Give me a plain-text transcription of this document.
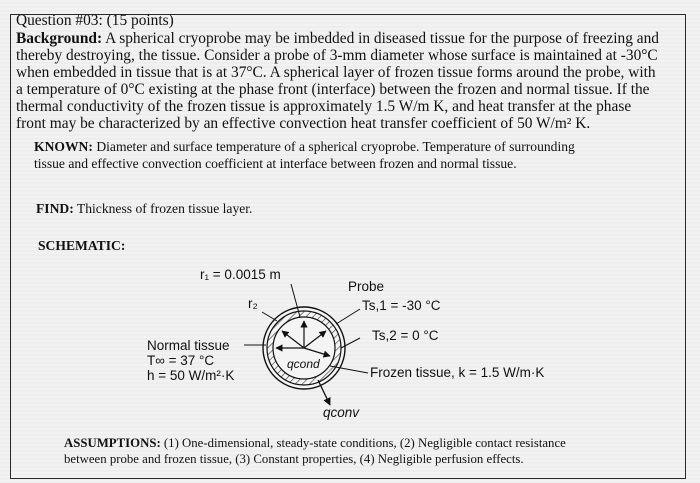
Question #03: (15 points)
Background: A spherical cryoprobe may be imbedded in diseased tissue for the purpose of freezing and
thereby destroying, the tissue. Consider a probe of 3-mm diameter whose surface is maintained at -30°C
when embedded in tissue that is at 37°C. A spherical layer of frozen tissue forms around the probe, with
a temperature of 0°C existing at the phase front (interface) between the frozen and normal tissue. If the
thermal conductivity of the frozen tissue is approximately 1.5 W/m K, and heat transfer at the phase
front may be characterized by an effective convection heat transfer coefficient of 50 W/m² K.
KNOWN: Diameter and surface temperature of a spherical cryoprobe. Temperature of surrounding
tissue and effective convection coefficient at interface between frozen and normal tissue.
FIND: Thickness of frozen tissue layer.
SCHEMATIC:
r₁ = 0.0015 m
r₂
Probe
Ts,1 = -30 °C
Ts,2 = 0 °C
Normal tissue
T∞ = 37 °C
h = 50 W/m²·K
qcond
Frozen tissue, k = 1.5 W/m·K
qconv
ASSUMPTIONS: (1) One-dimensional, steady-state conditions, (2) Negligible contact resistance
between probe and frozen tissue, (3) Constant properties, (4) Negligible perfusion effects.
